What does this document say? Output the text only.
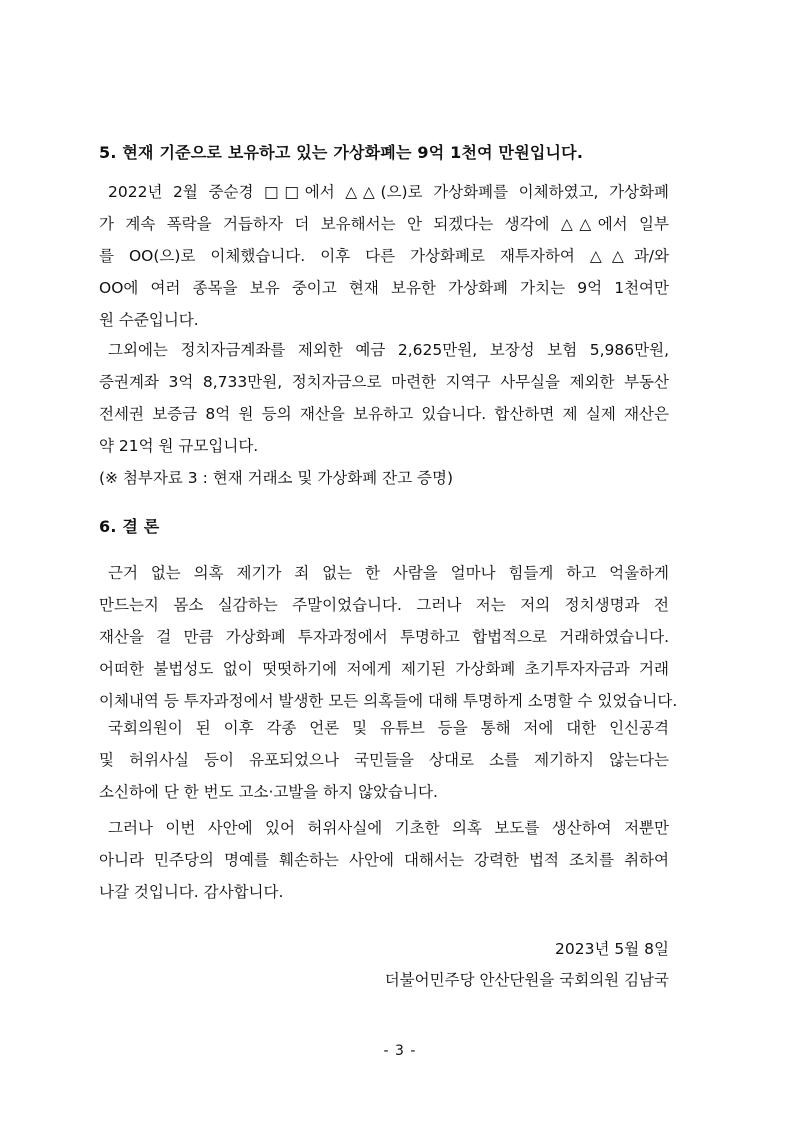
5. 현재 기준으로 보유하고 있는 가상화폐는 9억 1천여 만원입니다.
2022년 2월 중순경 □□에서 △△(으)로 가상화폐를 이체하였고, 가상화폐
가 계속 폭락을 거듭하자 더 보유해서는 안 되겠다는 생각에 △△에서 일부
를 OO(으)로 이체했습니다. 이후 다른 가상화폐로 재투자하여 △△과/와
OO에 여러 종목을 보유 중이고 현재 보유한 가상화폐 가치는 9억 1천여만
원 수준입니다.
그외에는 정치자금계좌를 제외한 예금 2,625만원, 보장성 보험 5,986만원,
증권계좌 3억 8,733만원, 정치자금으로 마련한 지역구 사무실을 제외한 부동산
전세권 보증금 8억 원 등의 재산을 보유하고 있습니다. 합산하면 제 실제 재산은
약 21억 원 규모입니다.
(※ 첨부자료 3 : 현재 거래소 및 가상화폐 잔고 증명)
6. 결 론
근거 없는 의혹 제기가 죄 없는 한 사람을 얼마나 힘들게 하고 억울하게
만드는지 몸소 실감하는 주말이었습니다. 그러나 저는 저의 정치생명과 전
재산을 걸 만큼 가상화폐 투자과정에서 투명하고 합법적으로 거래하였습니다.
어떠한 불법성도 없이 떳떳하기에 저에게 제기된 가상화폐 초기투자자금과 거래
이체내역 등 투자과정에서 발생한 모든 의혹들에 대해 투명하게 소명할 수 있었습니다.
국회의원이 된 이후 각종 언론 및 유튜브 등을 통해 저에 대한 인신공격
및 허위사실 등이 유포되었으나 국민들을 상대로 소를 제기하지 않는다는
소신하에 단 한 번도 고소·고발을 하지 않았습니다.
그러나 이번 사안에 있어 허위사실에 기초한 의혹 보도를 생산하여 저뿐만
아니라 민주당의 명예를 훼손하는 사안에 대해서는 강력한 법적 조치를 취하여
나갈 것입니다. 감사합니다.
2023년 5월 8일
더불어민주당 안산단원을 국회의원 김남국
- 3 -
